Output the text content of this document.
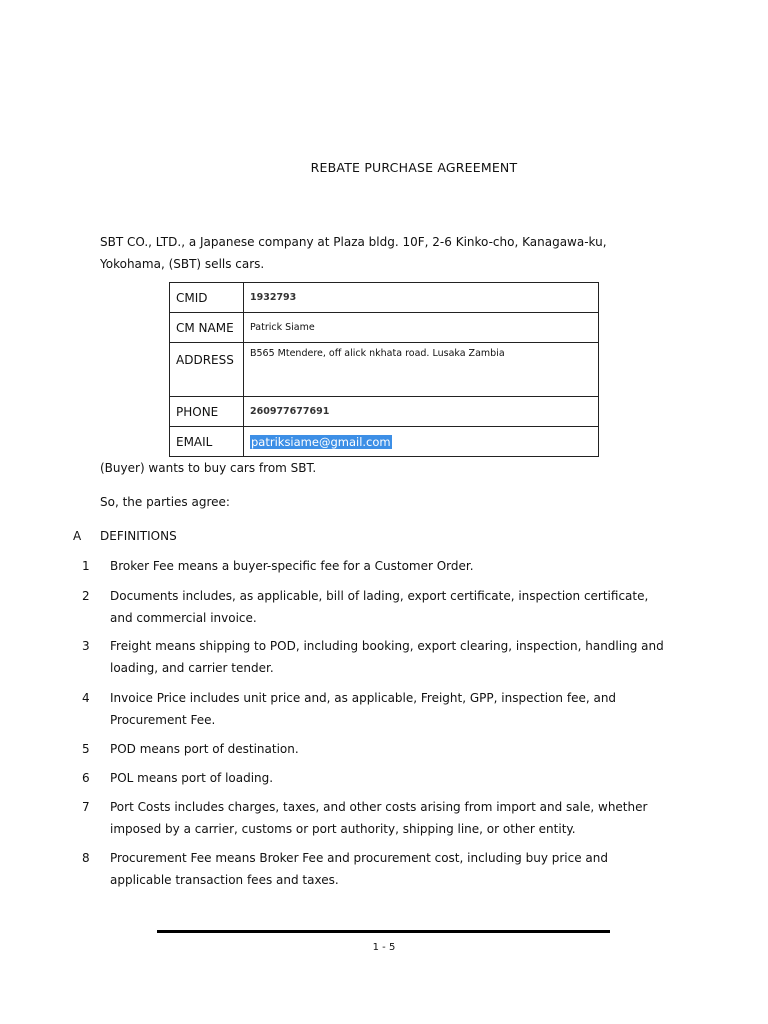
REBATE PURCHASE AGREEMENT
SBT CO., LTD., a Japanese company at Plaza bldg. 10F, 2-6 Kinko-cho, Kanagawa-ku, Yokohama, (SBT) sells cars.
CMID	1932793
CM NAME	Patrick Siame
ADDRESS	B565 Mtendere, off alick nkhata road. Lusaka Zambia
PHONE	260977677691
EMAIL	patriksiame@gmail.com
(Buyer) wants to buy cars from SBT.
So, the parties agree:
A DEFINITIONS
1 Broker Fee means a buyer-specific fee for a Customer Order.
2 Documents includes, as applicable, bill of lading, export certificate, inspection certificate, and commercial invoice.
3 Freight means shipping to POD, including booking, export clearing, inspection, handling and loading, and carrier tender.
4 Invoice Price includes unit price and, as applicable, Freight, GPP, inspection fee, and Procurement Fee.
5 POD means port of destination.
6 POL means port of loading.
7 Port Costs includes charges, taxes, and other costs arising from import and sale, whether imposed by a carrier, customs or port authority, shipping line, or other entity.
8 Procurement Fee means Broker Fee and procurement cost, including buy price and applicable transaction fees and taxes.
1 - 5
